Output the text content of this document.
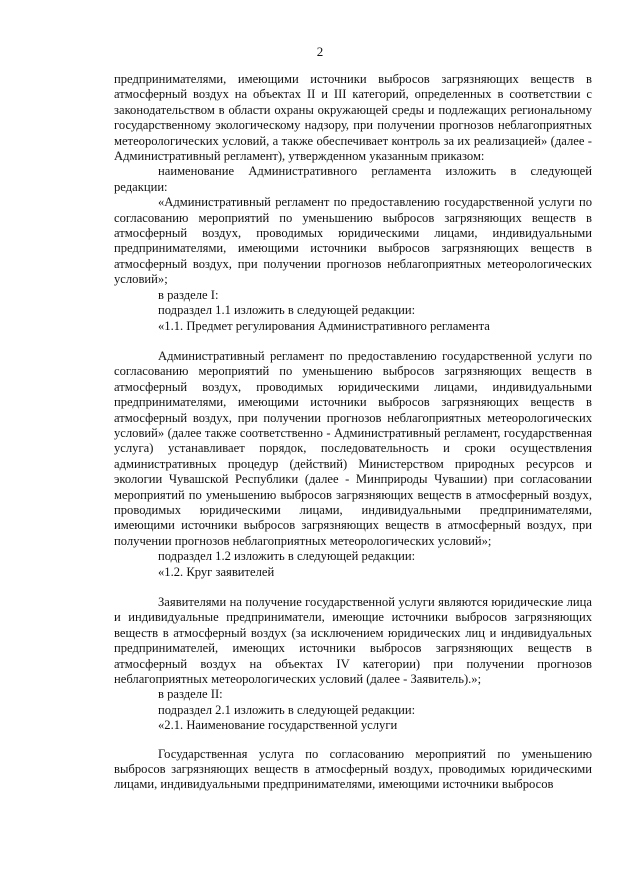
2

предпринимателями, имеющими источники выбросов загрязняющих веществ в атмосферный воздух на объектах II и III категорий, определенных в соответствии с законодательством в области охраны окружающей среды и подлежащих региональному государственному экологическому надзору, при получении прогнозов неблагоприятных метеорологических условий, а также обеспечивает контроль за их реализацией» (далее - Административный регламент), утвержденном указанным приказом:

наименование Административного регламента изложить в следующей редакции:

«Административный регламент по предоставлению государственной услуги по согласованию мероприятий по уменьшению выбросов загрязняющих веществ в атмосферный воздух, проводимых юридическими лицами, индивидуальными предпринимателями, имеющими источники выбросов загрязняющих веществ в атмосферный воздух, при получении прогнозов неблагоприятных метеорологических условий»;

в разделе I:

подраздел 1.1 изложить в следующей редакции:

«1.1. Предмет регулирования Административного регламента

Административный регламент по предоставлению государственной услуги по согласованию мероприятий по уменьшению выбросов загрязняющих веществ в атмосферный воздух, проводимых юридическими лицами, индивидуальными предпринимателями, имеющими источники выбросов загрязняющих веществ в атмосферный воздух, при получении прогнозов неблагоприятных метеорологических условий» (далее также соответственно - Административный регламент, государственная услуга) устанавливает порядок, последовательность и сроки осуществления административных процедур (действий) Министерством природных ресурсов и экологии Чувашской Республики (далее - Минприроды Чувашии) при согласовании мероприятий по уменьшению выбросов загрязняющих веществ в атмосферный воздух, проводимых юридическими лицами, индивидуальными предпринимателями, имеющими источники выбросов загрязняющих веществ в атмосферный воздух, при получении прогнозов неблагоприятных метеорологических условий»;

подраздел 1.2 изложить в следующей редакции:

«1.2. Круг заявителей

Заявителями на получение государственной услуги являются юридические лица и индивидуальные предприниматели, имеющие источники выбросов загрязняющих веществ в атмосферный воздух (за исключением юридических лиц и индивидуальных предпринимателей, имеющих источники выбросов загрязняющих веществ в атмосферный воздух на объектах IV категории) при получении прогнозов неблагоприятных метеорологических условий (далее - Заявитель).»;

в разделе II:

подраздел 2.1 изложить в следующей редакции:

«2.1. Наименование государственной услуги

Государственная услуга по согласованию мероприятий по уменьшению выбросов загрязняющих веществ в атмосферный воздух, проводимых юридическими лицами, индивидуальными предпринимателями, имеющими источники выбросов
